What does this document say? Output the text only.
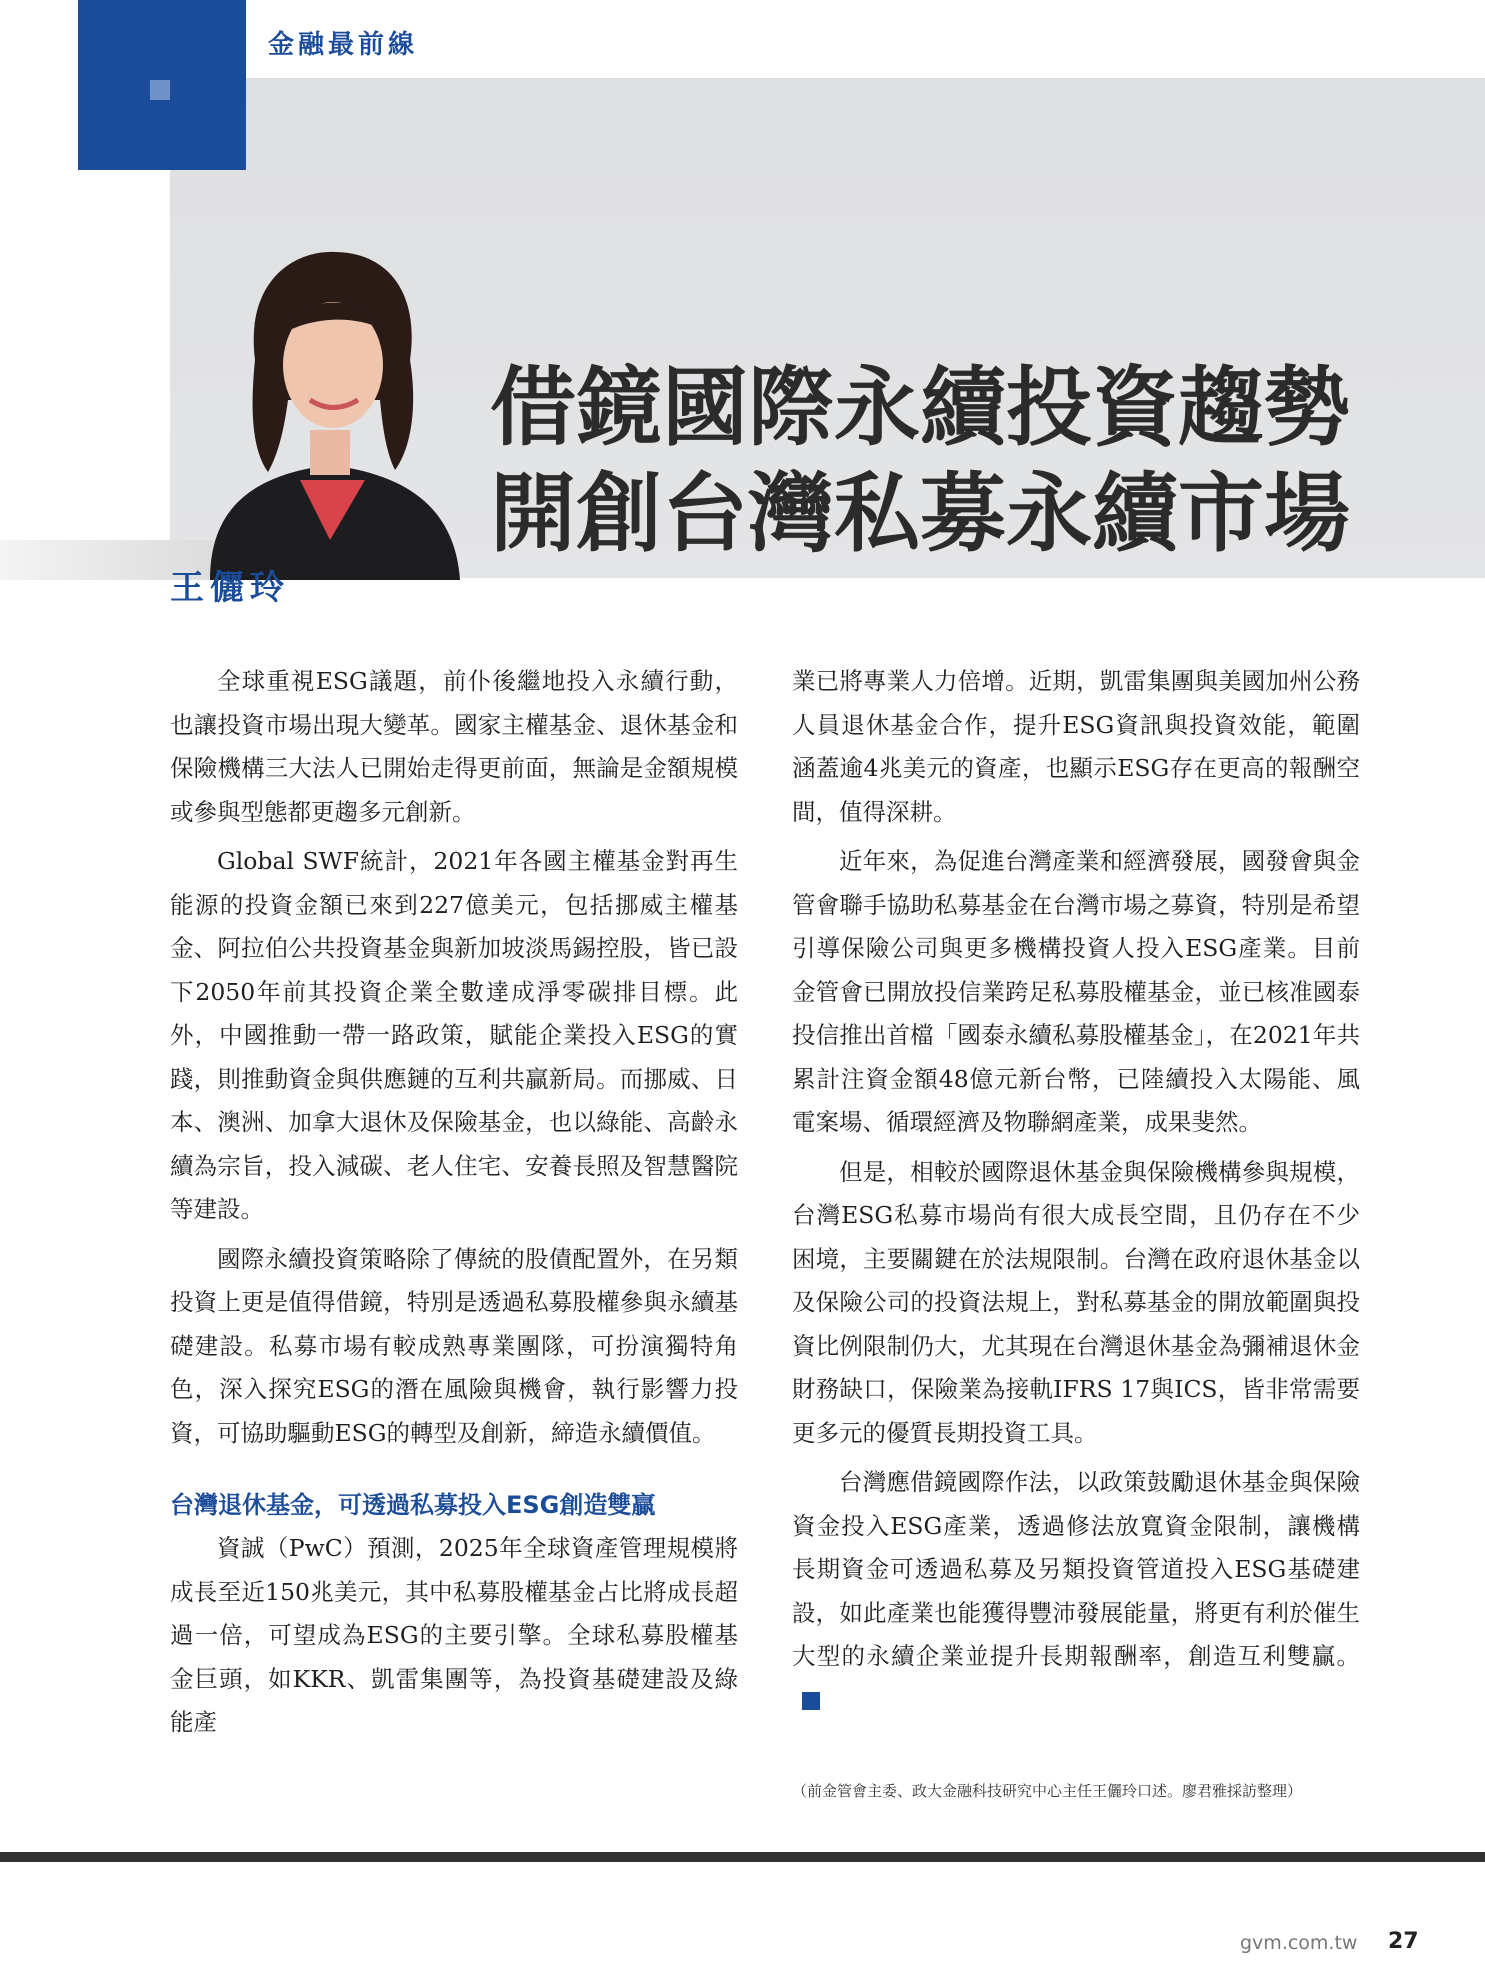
金融最前線
借鏡國際永續投資趨勢
開創台灣私募永續市場
王儷玲

全球重視ESG議題，前仆後繼地投入永續行動，也讓投資市場出現大變革。國家主權基金、退休基金和保險機構三大法人已開始走得更前面，無論是金額規模或參與型態都更趨多元創新。

Global SWF統計，2021年各國主權基金對再生能源的投資金額已來到227億美元，包括挪威主權基金、阿拉伯公共投資基金與新加坡淡馬錫控股，皆已設下2050年前其投資企業全數達成淨零碳排目標。此外，中國推動一帶一路政策，賦能企業投入ESG的實踐，則推動資金與供應鏈的互利共贏新局。而挪威、日本、澳洲、加拿大退休及保險基金，也以綠能、高齡永續為宗旨，投入減碳、老人住宅、安養長照及智慧醫院等建設。

國際永續投資策略除了傳統的股債配置外，在另類投資上更是值得借鏡，特別是透過私募股權參與永續基礎建設。私募市場有較成熟專業團隊，可扮演獨特角色，深入探究ESG的潛在風險與機會，執行影響力投資，可協助驅動ESG的轉型及創新，締造永續價值。

台灣退休基金，可透過私募投入ESG創造雙贏

資誠（PwC）預測，2025年全球資產管理規模將成長至近150兆美元，其中私募股權基金占比將成長超過一倍，可望成為ESG的主要引擎。全球私募股權基金巨頭，如KKR、凱雷集團等，為投資基礎建設及綠能產

業已將專業人力倍增。近期，凱雷集團與美國加州公務人員退休基金合作，提升ESG資訊與投資效能，範圍涵蓋逾4兆美元的資產，也顯示ESG存在更高的報酬空間，值得深耕。

近年來，為促進台灣產業和經濟發展，國發會與金管會聯手協助私募基金在台灣市場之募資，特別是希望引導保險公司與更多機構投資人投入ESG產業。目前金管會已開放投信業跨足私募股權基金，並已核准國泰投信推出首檔「國泰永續私募股權基金」，在2021年共累計注資金額48億元新台幣，已陸續投入太陽能、風電案場、循環經濟及物聯網產業，成果斐然。

但是，相較於國際退休基金與保險機構參與規模，台灣ESG私募市場尚有很大成長空間，且仍存在不少困境，主要關鍵在於法規限制。台灣在政府退休基金以及保險公司的投資法規上，對私募基金的開放範圍與投資比例限制仍大，尤其現在台灣退休基金為彌補退休金財務缺口，保險業為接軌IFRS 17與ICS，皆非常需要更多元的優質長期投資工具。

台灣應借鏡國際作法，以政策鼓勵退休基金與保險資金投入ESG產業，透過修法放寬資金限制，讓機構長期資金可透過私募及另類投資管道投入ESG基礎建設，如此產業也能獲得豐沛發展能量，將更有利於催生大型的永續企業並提升長期報酬率，創造互利雙贏。G

（前金管會主委、政大金融科技研究中心主任王儷玲口述。廖君雅採訪整理）
gvm.com.tw 27
